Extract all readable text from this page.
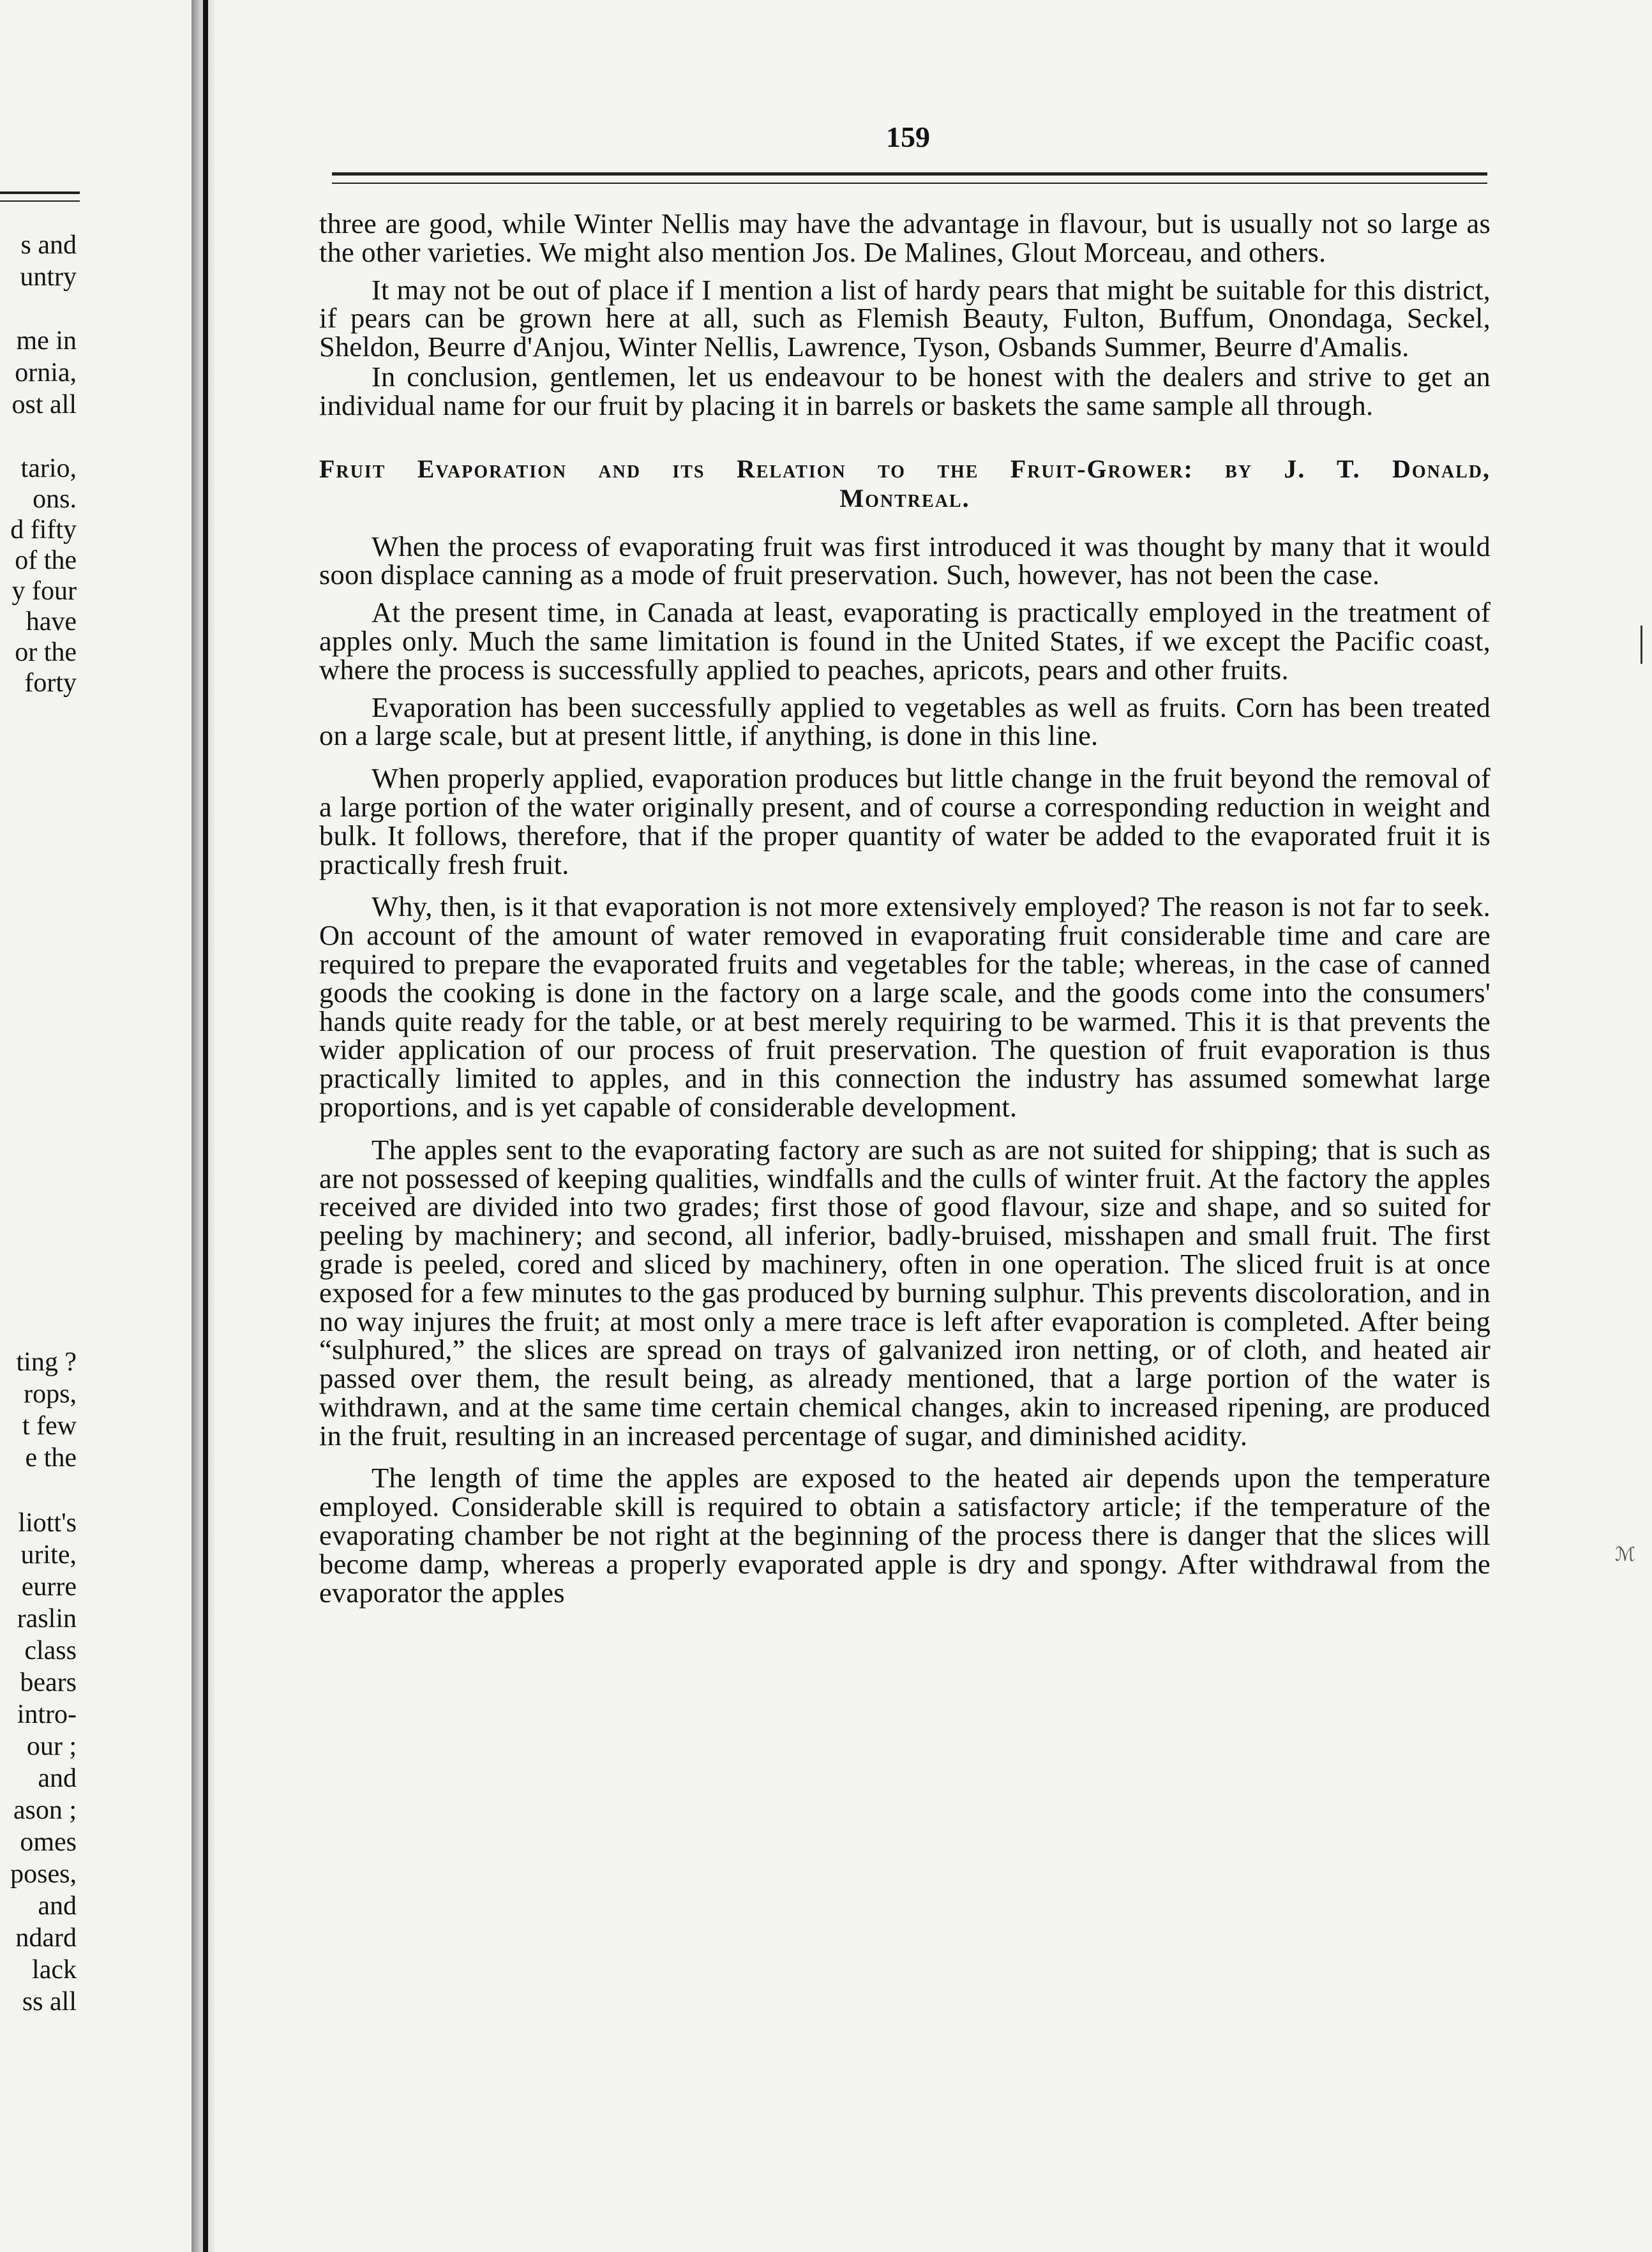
s and
untry
me in
ornia,
ost all
tario,
ons.
d fifty
of the
y four
have
or the
forty
ting ?
rops,
t few
e the
liott's
urite,
eurre
raslin
class
bears
intro-
our ;
and
ason ;
omes
poses,
and
ndard
lack
ss all
159

three are good, while Winter Nellis may have the advantage in flavour, but is usually not so large as the other varieties. We might also mention Jos. De Malines, Glout Morceau, and others.

It may not be out of place if I mention a list of hardy pears that might be suitable for this district, if pears can be grown here at all, such as Flemish Beauty, Fulton, Buffum, Onondaga, Seckel, Sheldon, Beurre d'Anjou, Winter Nellis, Lawrence, Tyson, Osbands Summer, Beurre d'Amalis.

In conclusion, gentlemen, let us endeavour to be honest with the dealers and strive to get an individual name for our fruit by placing it in barrels or baskets the same sample all through.

Fruit Evaporation and its Relation to the Fruit-Grower: by J. T. Donald,
Montreal.

When the process of evaporating fruit was first introduced it was thought by many that it would soon displace canning as a mode of fruit preservation. Such, however, has not been the case.

At the present time, in Canada at least, evaporating is practically employed in the treatment of apples only. Much the same limitation is found in the United States, if we except the Pacific coast, where the process is successfully applied to peaches, apricots, pears and other fruits.

Evaporation has been successfully applied to vegetables as well as fruits. Corn has been treated on a large scale, but at present little, if anything, is done in this line.

When properly applied, evaporation produces but little change in the fruit beyond the removal of a large portion of the water originally present, and of course a corresponding reduction in weight and bulk. It follows, therefore, that if the proper quantity of water be added to the evaporated fruit it is practically fresh fruit.

Why, then, is it that evaporation is not more extensively employed? The reason is not far to seek. On account of the amount of water removed in evaporating fruit considerable time and care are required to prepare the evaporated fruits and vegetables for the table; whereas, in the case of canned goods the cooking is done in the factory on a large scale, and the goods come into the consumers' hands quite ready for the table, or at best merely requiring to be warmed. This it is that prevents the wider application of our process of fruit preservation. The question of fruit evaporation is thus practically limited to apples, and in this connection the industry has assumed somewhat large proportions, and is yet capable of considerable development.

The apples sent to the evaporating factory are such as are not suited for shipping; that is such as are not possessed of keeping qualities, windfalls and the culls of winter fruit. At the factory the apples received are divided into two grades; first those of good flavour, size and shape, and so suited for peeling by machinery; and second, all inferior, badly-bruised, misshapen and small fruit. The first grade is peeled, cored and sliced by machinery, often in one operation. The sliced fruit is at once exposed for a few minutes to the gas produced by burning sulphur. This prevents discoloration, and in no way injures the fruit; at most only a mere trace is left after evaporation is completed. After being “sulphured,” the slices are spread on trays of galvanized iron netting, or of cloth, and heated air passed over them, the result being, as already mentioned, that a large portion of the water is withdrawn, and at the same time certain chemical changes, akin to increased ripening, are produced in the fruit, resulting in an increased percentage of sugar, and diminished acidity.

The length of time the apples are exposed to the heated air depends upon the temperature employed. Considerable skill is required to obtain a satisfactory article; if the temperature of the evaporating chamber be not right at the beginning of the process there is danger that the slices will become damp, whereas a properly evaporated apple is dry and spongy. After withdrawal from the evaporator the apples

ℳ
